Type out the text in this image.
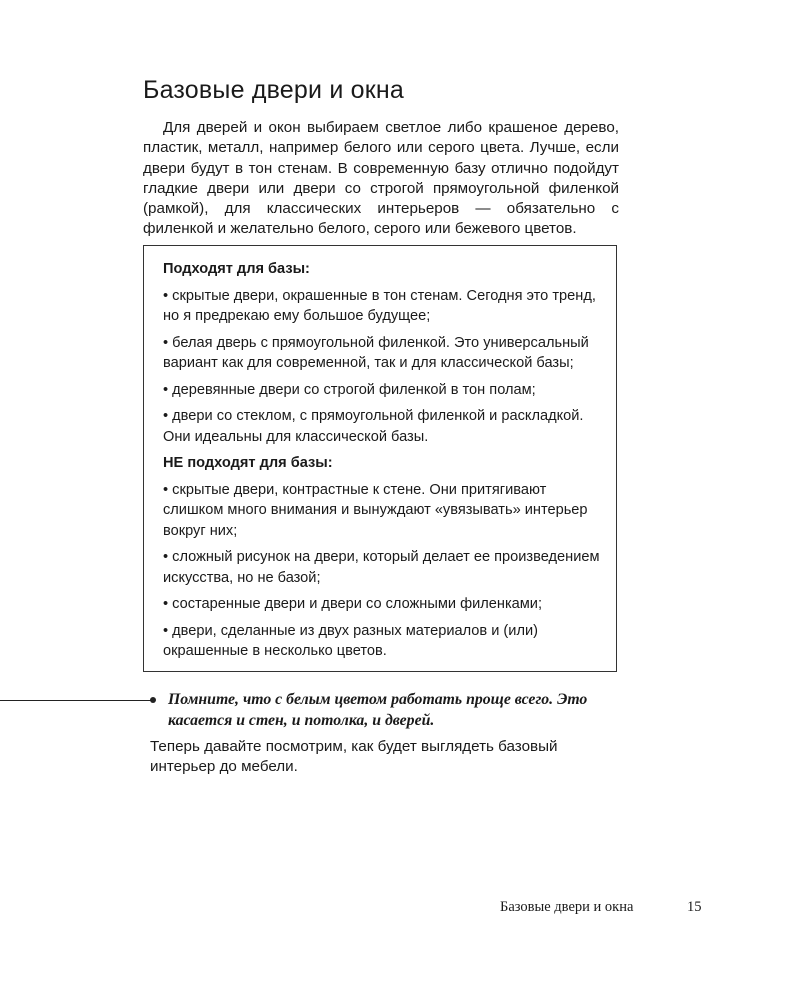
Базовые двери и окна

Для дверей и окон выбираем светлое либо крашеное дерево, пластик, металл, например белого или серого цвета. Лучше, если двери будут в тон стенам. В современную базу отлично подойдут гладкие двери или двери со строгой прямоугольной филенкой (рамкой), для классических интерьеров — обязательно с филенкой и желательно белого, серого или бежевого цветов.

Подходят для базы:

• скрытые двери, окрашенные в тон стенам. Сегодня это тренд, но я предрекаю ему большое будущее;

• белая дверь с прямоугольной филенкой. Это универсальный вариант как для современной, так и для классической базы;

• деревянные двери со строгой филенкой в тон полам;

• двери со стеклом, с прямоугольной филенкой и раскладкой. Они идеальны для классической базы.

НЕ подходят для базы:

• скрытые двери, контрастные к стене. Они притягивают слишком много внимания и вынуждают «увязывать» интерьер вокруг них;

• сложный рисунок на двери, который делает ее произведением искусства, но не базой;

• состаренные двери и двери со сложными филенками;

• двери, сделанные из двух разных материалов и (или) окрашенные в несколько цветов.

Помните, что с белым цветом работать проще всего. Это касается и стен, и потолка, и дверей.

Теперь давайте посмотрим, как будет выглядеть базовый интерьер до мебели.

Базовые двери и окна	15
